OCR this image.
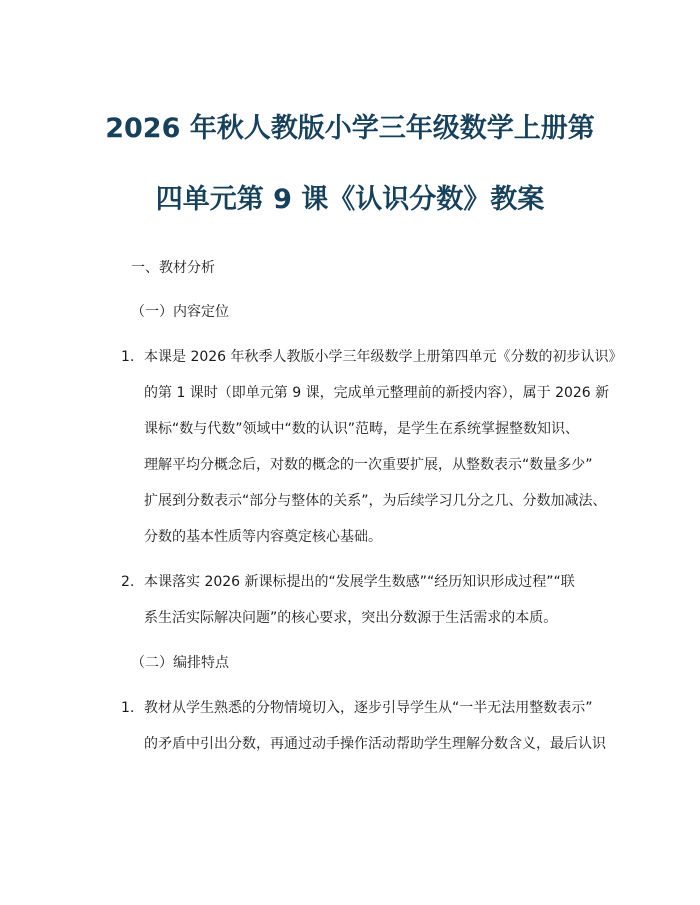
2026 年秋人教版小学三年级数学上册第
四单元第 9 课《认识分数》教案
一、教材分析
（一）内容定位
1. 本课是 2026 年秋季人教版小学三年级数学上册第四单元《分数的初步认识》
的第 1 课时（即单元第 9 课，完成单元整理前的新授内容），属于 2026 新
课标“数与代数”领域中“数的认识”范畴，是学生在系统掌握整数知识、
理解平均分概念后，对数的概念的一次重要扩展，从整数表示“数量多少”
扩展到分数表示“部分与整体的关系”，为后续学习几分之几、分数加减法、
分数的基本性质等内容奠定核心基础。
2. 本课落实 2026 新课标提出的“发展学生数感”“经历知识形成过程”“联
系生活实际解决问题”的核心要求，突出分数源于生活需求的本质。
（二）编排特点
1. 教材从学生熟悉的分物情境切入，逐步引导学生从“一半无法用整数表示”
的矛盾中引出分数，再通过动手操作活动帮助学生理解分数含义，最后认识
